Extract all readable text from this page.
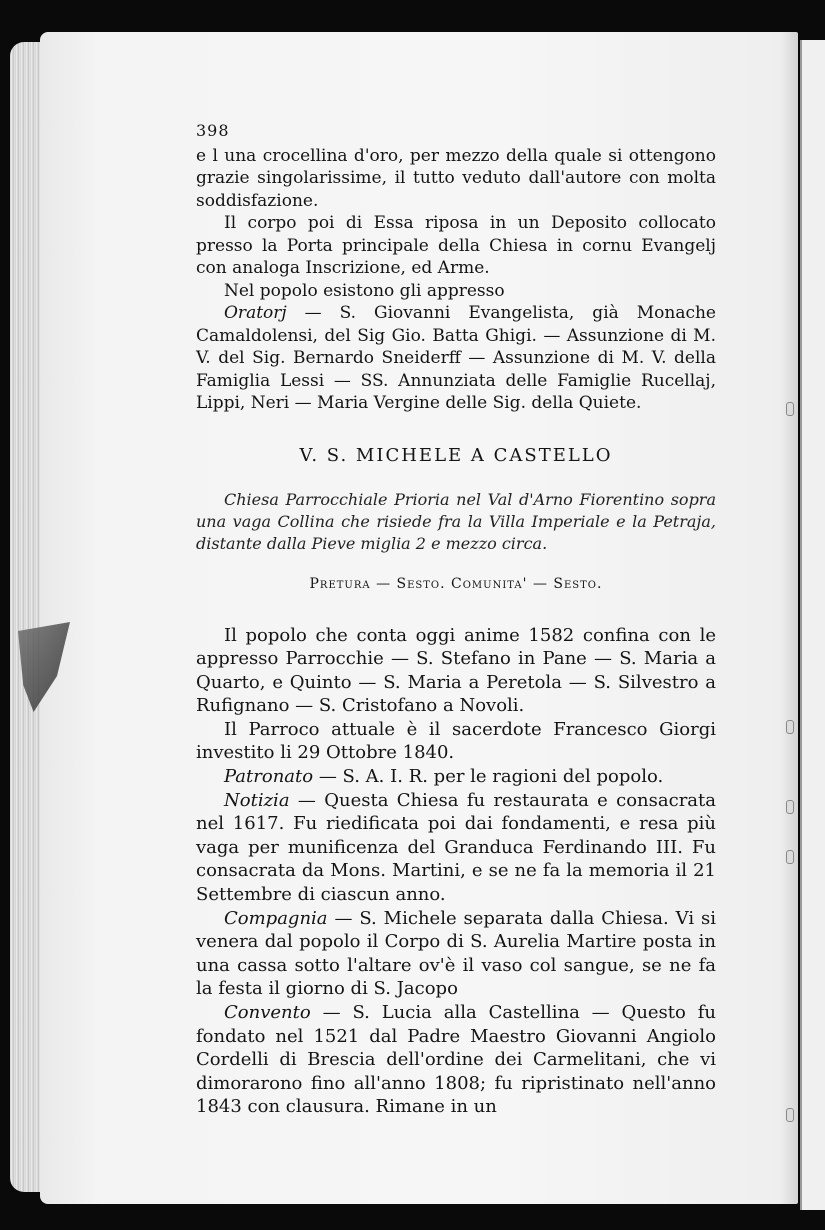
398

e l una crocellina d'oro, per mezzo della quale si ottengono grazie singolarissime, il tutto veduto dall'autore con molta soddisfazione.

Il corpo poi di Essa riposa in un Deposito collocato presso la Porta principale della Chiesa in cornu Evangelj con analoga Inscrizione, ed Arme.

Nel popolo esistono gli appresso

Oratorj — S. Giovanni Evangelista, già Monache Camaldolensi, del Sig Gio. Batta Ghigi. — Assunzione di M. V. del Sig. Bernardo Sneiderff — Assunzione di M. V. della Famiglia Lessi — SS. Annunziata delle Famiglie Rucellaj, Lippi, Neri — Maria Vergine delle Sig. della Quiete.

V. S. MICHELE A CASTELLO
Chiesa Parrocchiale Prioria nel Val d'Arno Fiorentino sopra una vaga Collina che risiede fra la Villa Imperiale e la Petraja, distante dalla Pieve miglia 2 e mezzo circa.
Pretura — Sesto. Comunita' — Sesto.

Il popolo che conta oggi anime 1582 confina con le appresso Parrocchie — S. Stefano in Pane — S. Maria a Quarto, e Quinto — S. Maria a Peretola — S. Silvestro a Rufignano — S. Cristofano a Novoli.

Il Parroco attuale è il sacerdote Francesco Giorgi investito li 29 Ottobre 1840.

Patronato — S. A. I. R. per le ragioni del popolo.

Notizia — Questa Chiesa fu restaurata e consacrata nel 1617. Fu riedificata poi dai fondamenti, e resa più vaga per munificenza del Granduca Ferdinando III. Fu consacrata da Mons. Martini, e se ne fa la memoria il 21 Settembre di ciascun anno.

Compagnia — S. Michele separata dalla Chiesa. Vi si venera dal popolo il Corpo di S. Aurelia Martire posta in una cassa sotto l'altare ov'è il vaso col sangue, se ne fa la festa il giorno di S. Jacopo

Convento — S. Lucia alla Castellina — Questo fu fondato nel 1521 dal Padre Maestro Giovanni Angiolo Cordelli di Brescia dell'ordine dei Carmelitani, che vi dimorarono fino all'anno 1808; fu ripristinato nell'anno 1843 con clausura. Rimane in un
